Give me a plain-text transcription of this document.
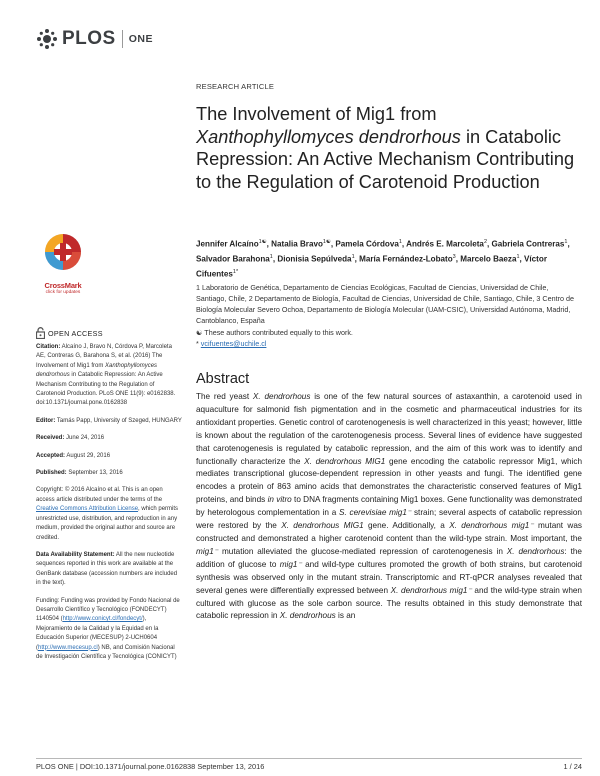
PLOS ONE
RESEARCH ARTICLE
The Involvement of Mig1 from
Xanthophyllomyces dendrorhous in Catabolic Repression: An Active Mechanism Contributing to the Regulation of Carotenoid Production
Jennifer Alcaíno$^{1☯}$, Natalia Bravo$^{1☯}$, Pamela Córdova$^1$, Andrés E. Marcoleta$^2$, Gabriela Contreras$^1$, Salvador Barahona$^1$, Dionisia Sepúlveda$^1$, María Fernández-Lobato$^3$, Marcelo Baeza$^1$, Víctor Cifuentes$^{1*}$
1 Laboratorio de Genética, Departamento de Ciencias Ecológicas, Facultad de Ciencias, Universidad de Chile, Santiago, Chile, 2 Departamento de Biología, Facultad de Ciencias, Universidad de Chile, Santiago, Chile, 3 Centro de Biología Molecular Severo Ochoa, Departamento de Biología Molecular (UAM-CSIC), Universidad Autónoma, Madrid, Cantoblanco, España
☯ These authors contributed equally to this work.
* vcifuentes@uchile.cl
Abstract

The red yeast X. dendrorhous is one of the few natural sources of astaxanthin, a carotenoid used in aquaculture for salmonid fish pigmentation and in the cosmetic and pharmaceutical industries for its antioxidant properties. Genetic control of carotenogenesis is well characterized in this yeast; however, little is known about the regulation of the carotenogenesis process. Several lines of evidence have suggested that carotenogenesis is regulated by catabolic repression, and the aim of this work was to identify and functionally characterize the X. dendrorhous MIG1 gene encoding the catabolic repressor Mig1, which mediates transcriptional glucose-dependent repression in other yeasts and fungi. The identified gene encodes a protein of 863 amino acids that demonstrates the characteristic conserved features of Mig1 proteins, and binds in vitro to DNA fragments containing Mig1 boxes. Gene functionality was demonstrated by heterologous complementation in a S. cerevisiae mig1⁻ strain; several aspects of catabolic repression were restored by the X. dendrorhous MIG1 gene. Additionally, a X. dendrorhous mig1⁻ mutant was constructed and demonstrated a higher carotenoid content than the wild-type strain. Most important, the mig1⁻ mutation alleviated the glucose-mediated repression of carotenogenesis in X. dendrorhous: the addition of glucose to mig1⁻ and wild-type cultures promoted the growth of both strains, but carotenoid synthesis was observed only in the mutant strain. Transcriptomic and RT-qPCR analyses revealed that several genes were differentially expressed between X. dendrorhous mig1⁻ and the wild-type strain when cultured with glucose as the sole carbon source. The results obtained in this study demonstrate that catabolic repression in X. dendrorhous is an

CrossMark
click for updates
OPEN ACCESS

Citation: Alcaíno J, Bravo N, Córdova P, Marcoleta AE, Contreras G, Barahona S, et al. (2016) The Involvement of Mig1 from Xanthophyllomyces dendrorhous in Catabolic Repression: An Active Mechanism Contributing to the Regulation of Carotenoid Production. PLoS ONE 11(9): e0162838. doi:10.1371/journal.pone.0162838

Editor: Tamás Papp, University of Szeged, HUNGARY

Received: June 24, 2016

Accepted: August 29, 2016

Published: September 13, 2016

Copyright: © 2016 Alcaíno et al. This is an open access article distributed under the terms of the Creative Commons Attribution License, which permits unrestricted use, distribution, and reproduction in any medium, provided the original author and source are credited.

Data Availability Statement: All the new nucleotide sequences reported in this work are available at the GenBank database (accession numbers are included in the text).

Funding: Funding was provided by Fondo Nacional de Desarrollo Científico y Tecnológico (FONDECYT) 1140504 (http://www.conicyt.cl/fondecyt/), Mejoramiento de la Calidad y la Equidad en la Educación Superior (MECESUP) 2-UCH0604 (http://www.mecesup.cl) NB, and Comisión Nacional de Investigación Científica y Tecnológica (CONICYT)

PLOS ONE | DOI:10.1371/journal.pone.0162838 September 13, 2016	1 / 24
